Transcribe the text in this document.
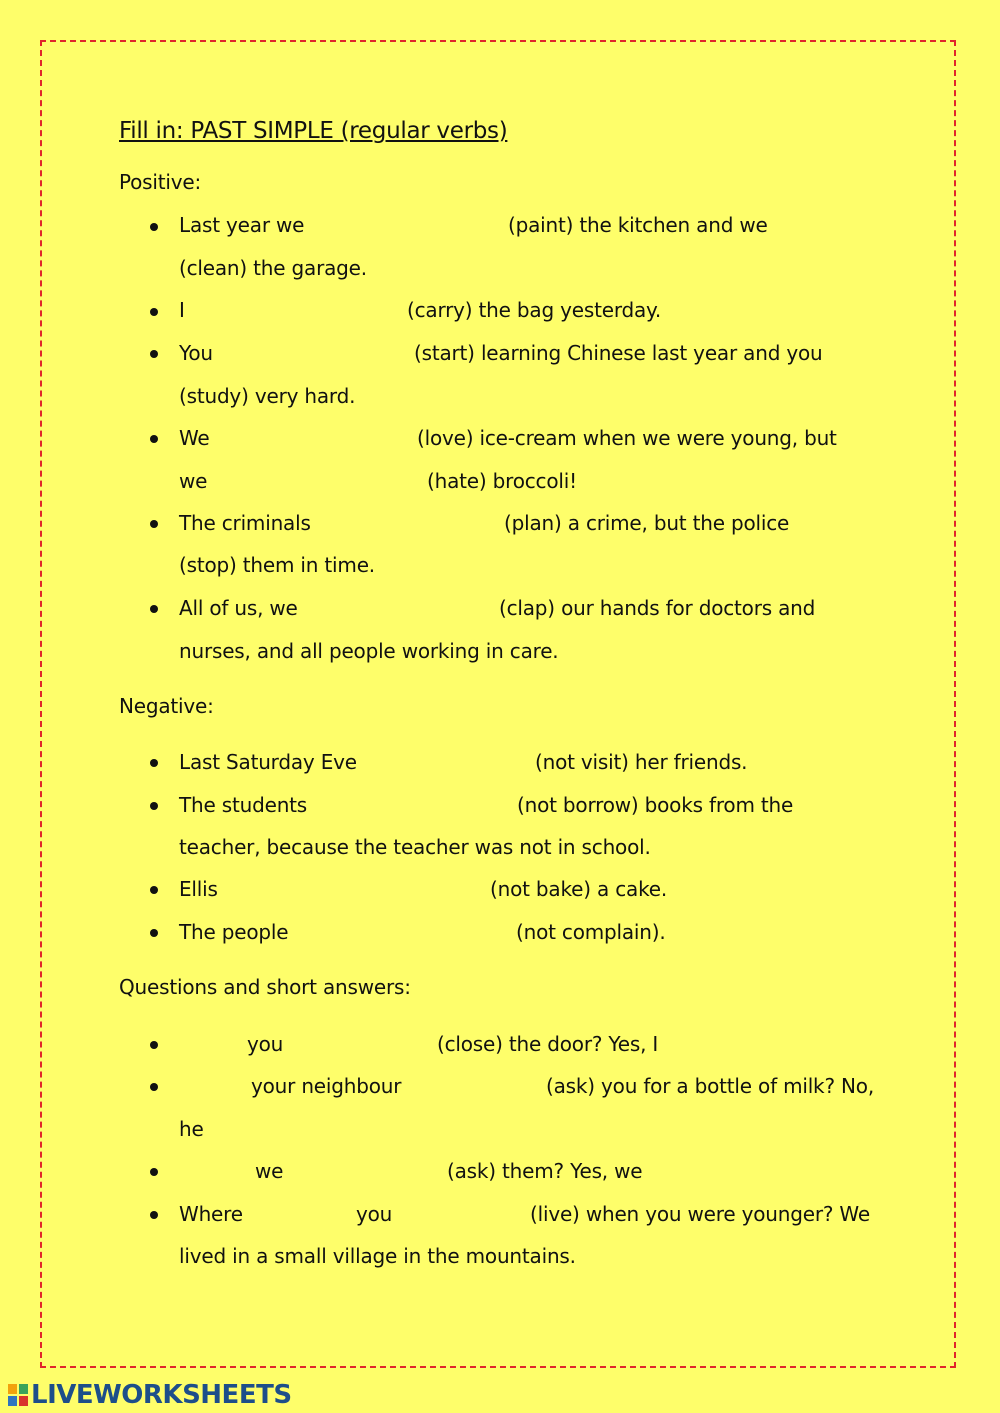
Fill in: PAST SIMPLE (regular verbs)
Positive:
Last year we	(paint) the kitchen and we
(clean) the garage.
I	(carry) the bag yesterday.
You	(start) learning Chinese last year and you
(study) very hard.
We	(love) ice-cream when we were young, but
we	(hate) broccoli!
The criminals	(plan) a crime, but the police
(stop) them in time.
All of us, we	(clap) our hands for doctors and
nurses, and all people working in care.
Negative:
Last Saturday Eve	(not visit) her friends.
The students	(not borrow) books from the
teacher, because the teacher was not in school.
Ellis	(not bake) a cake.
The people	(not complain).
Questions and short answers:
you	(close) the door? Yes, I
your neighbour	(ask) you for a bottle of milk? No,
he
we	(ask) them? Yes, we
Where	you	(live) when you were younger? We
lived in a small village in the mountains.
LIVEWORKSHEETS
